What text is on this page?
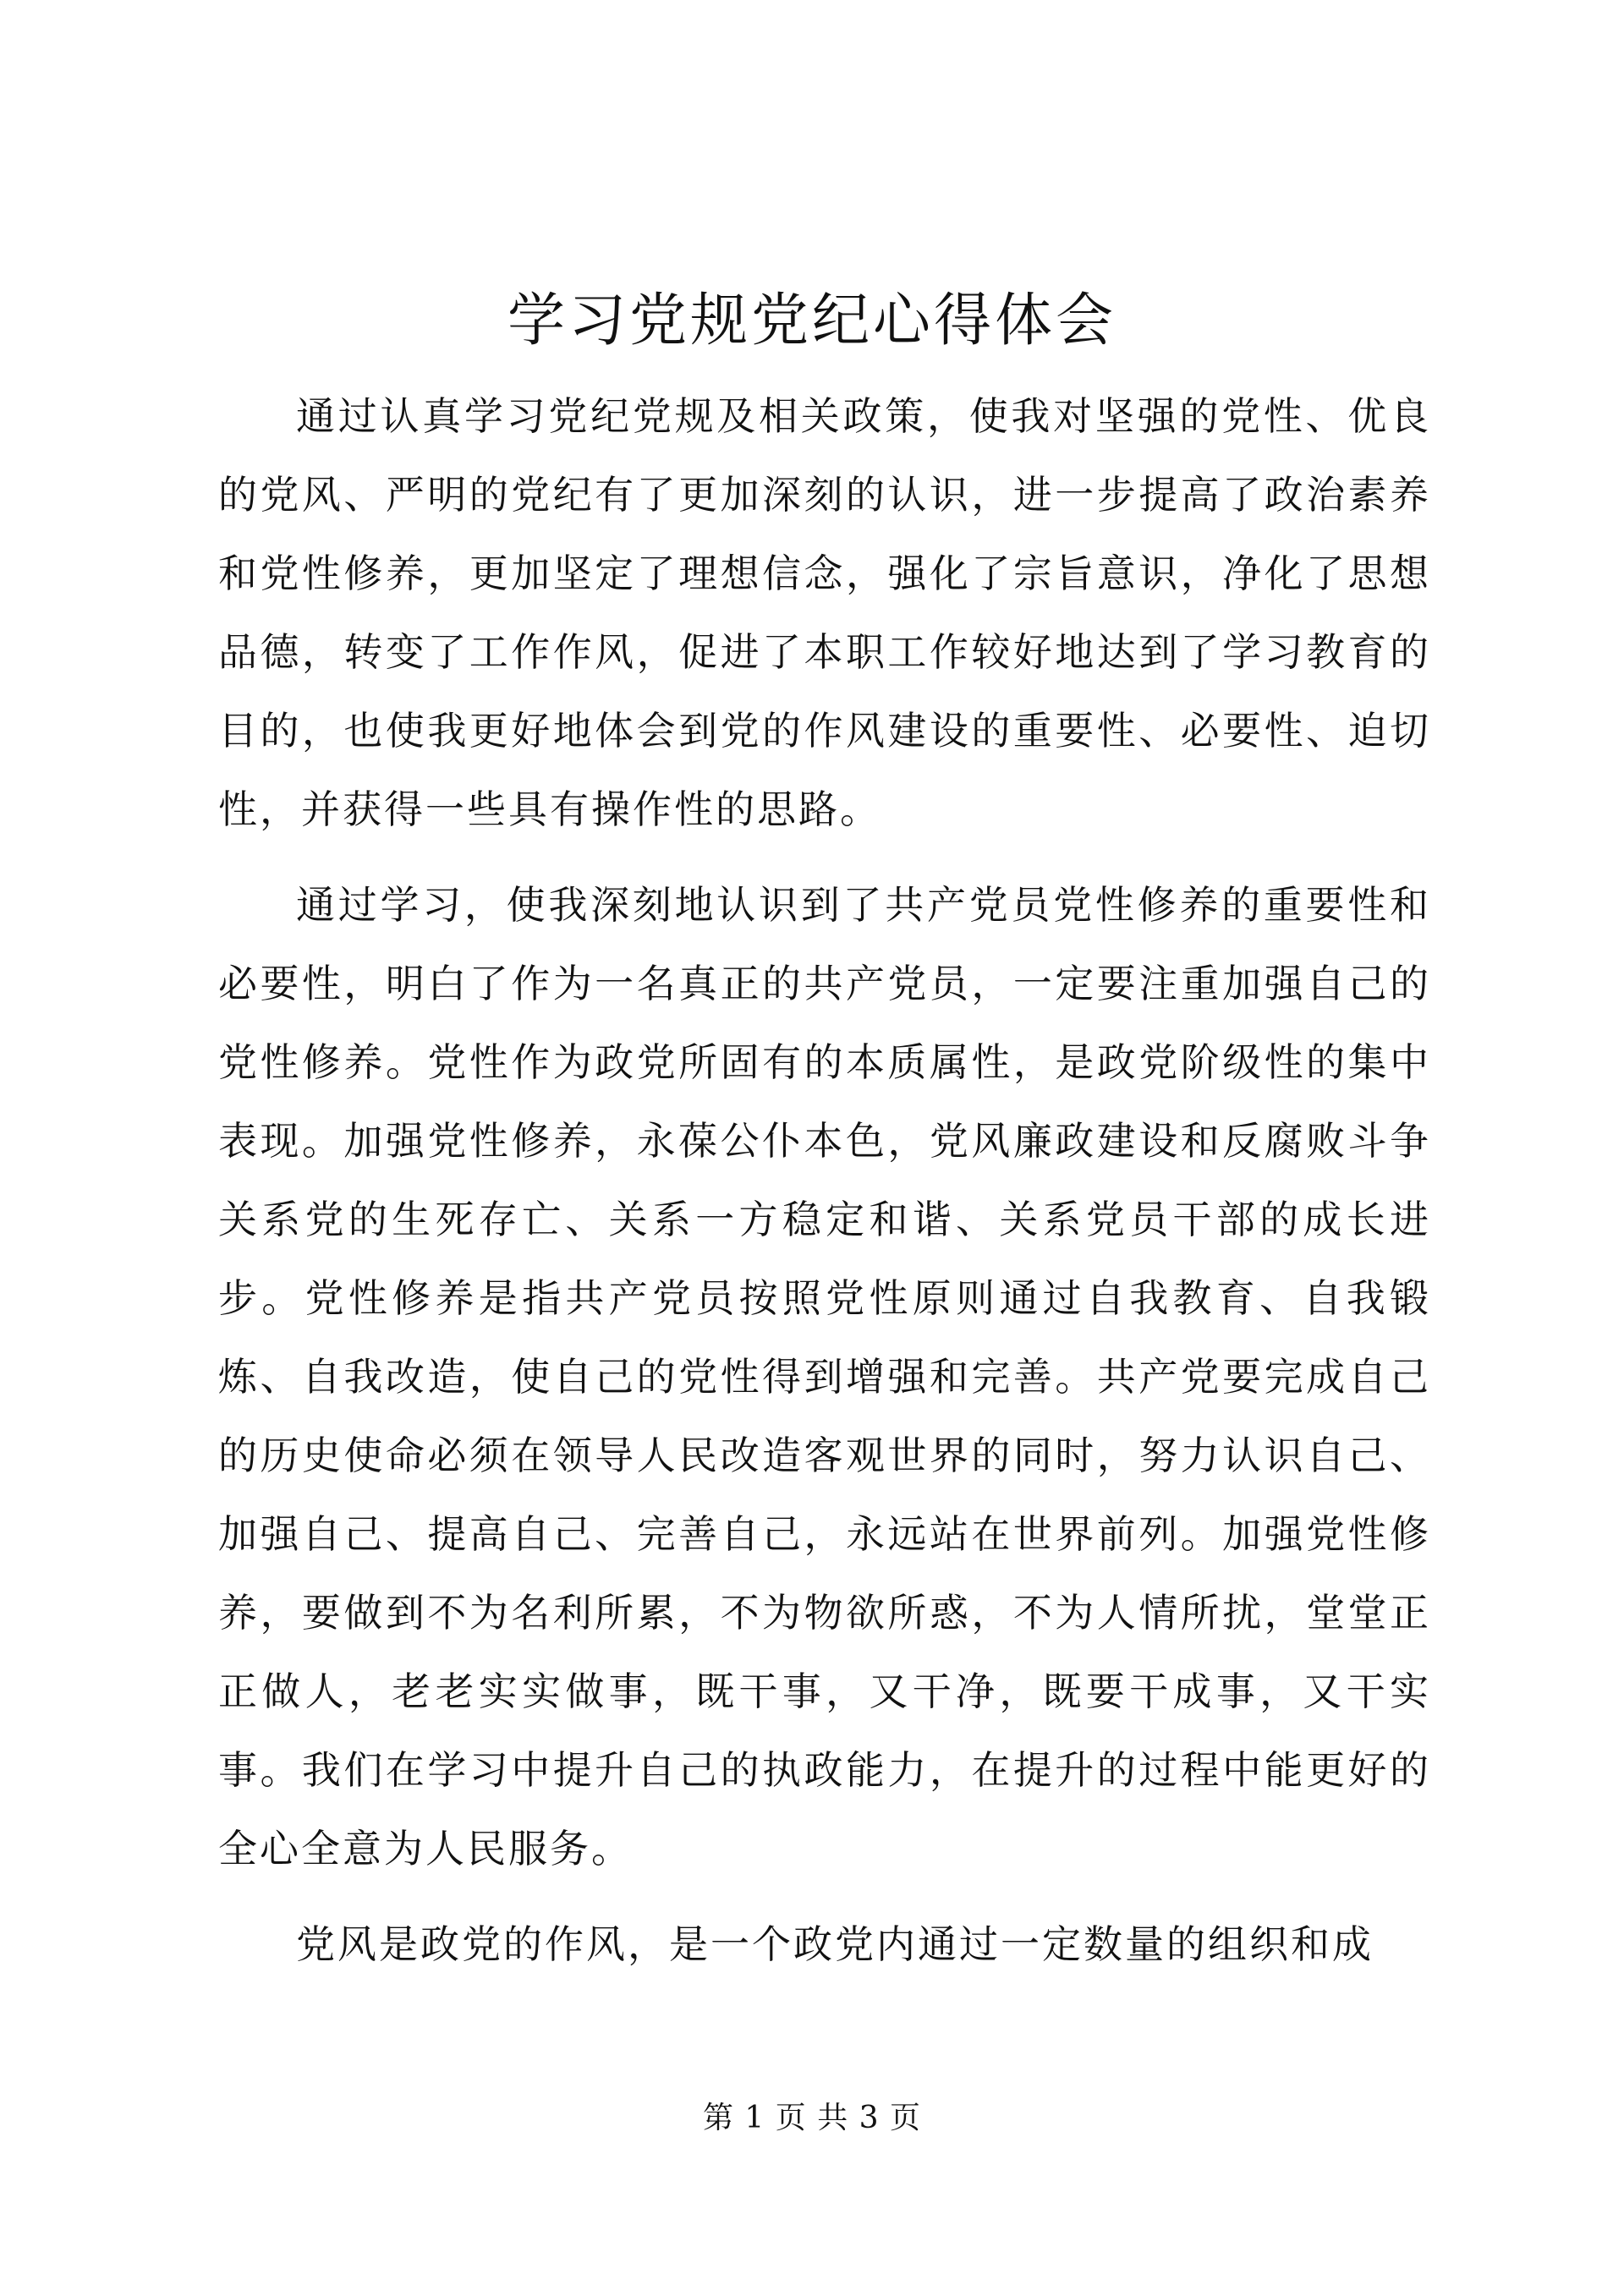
学习党规党纪心得体会

通过认真学习党纪党规及相关政策，使我对坚强的党性、优良的党风、严明的党纪有了更加深刻的认识，进一步提高了政治素养和党性修养，更加坚定了理想信念，强化了宗旨意识，净化了思想品德，转变了工作作风，促进了本职工作较好地达到了学习教育的目的，也使我更好地体会到党的作风建设的重要性、必要性、迫切性，并获得一些具有操作性的思路。

通过学习，使我深刻地认识到了共产党员党性修养的重要性和必要性，明白了作为一名真正的共产党员，一定要注重加强自己的党性修养。党性作为政党所固有的本质属性，是政党阶级性的集中表现。加强党性修养，永葆公仆本色，党风廉政建设和反腐败斗争关系党的生死存亡、关系一方稳定和谐、关系党员干部的成长进步。党性修养是指共产党员按照党性原则通过自我教育、自我锻炼、自我改造，使自己的党性得到增强和完善。共产党要完成自己的历史使命必须在领导人民改造客观世界的同时，努力认识自己、加强自己、提高自己、完善自己，永远站在世界前列。加强党性修养，要做到不为名利所累，不为物欲所惑，不为人情所扰，堂堂正正做人，老老实实做事，既干事，又干净，既要干成事，又干实事。我们在学习中提升自己的执政能力，在提升的过程中能更好的全心全意为人民服务。

党风是政党的作风，是一个政党内通过一定数量的组织和成

第 1 页 共 3 页
